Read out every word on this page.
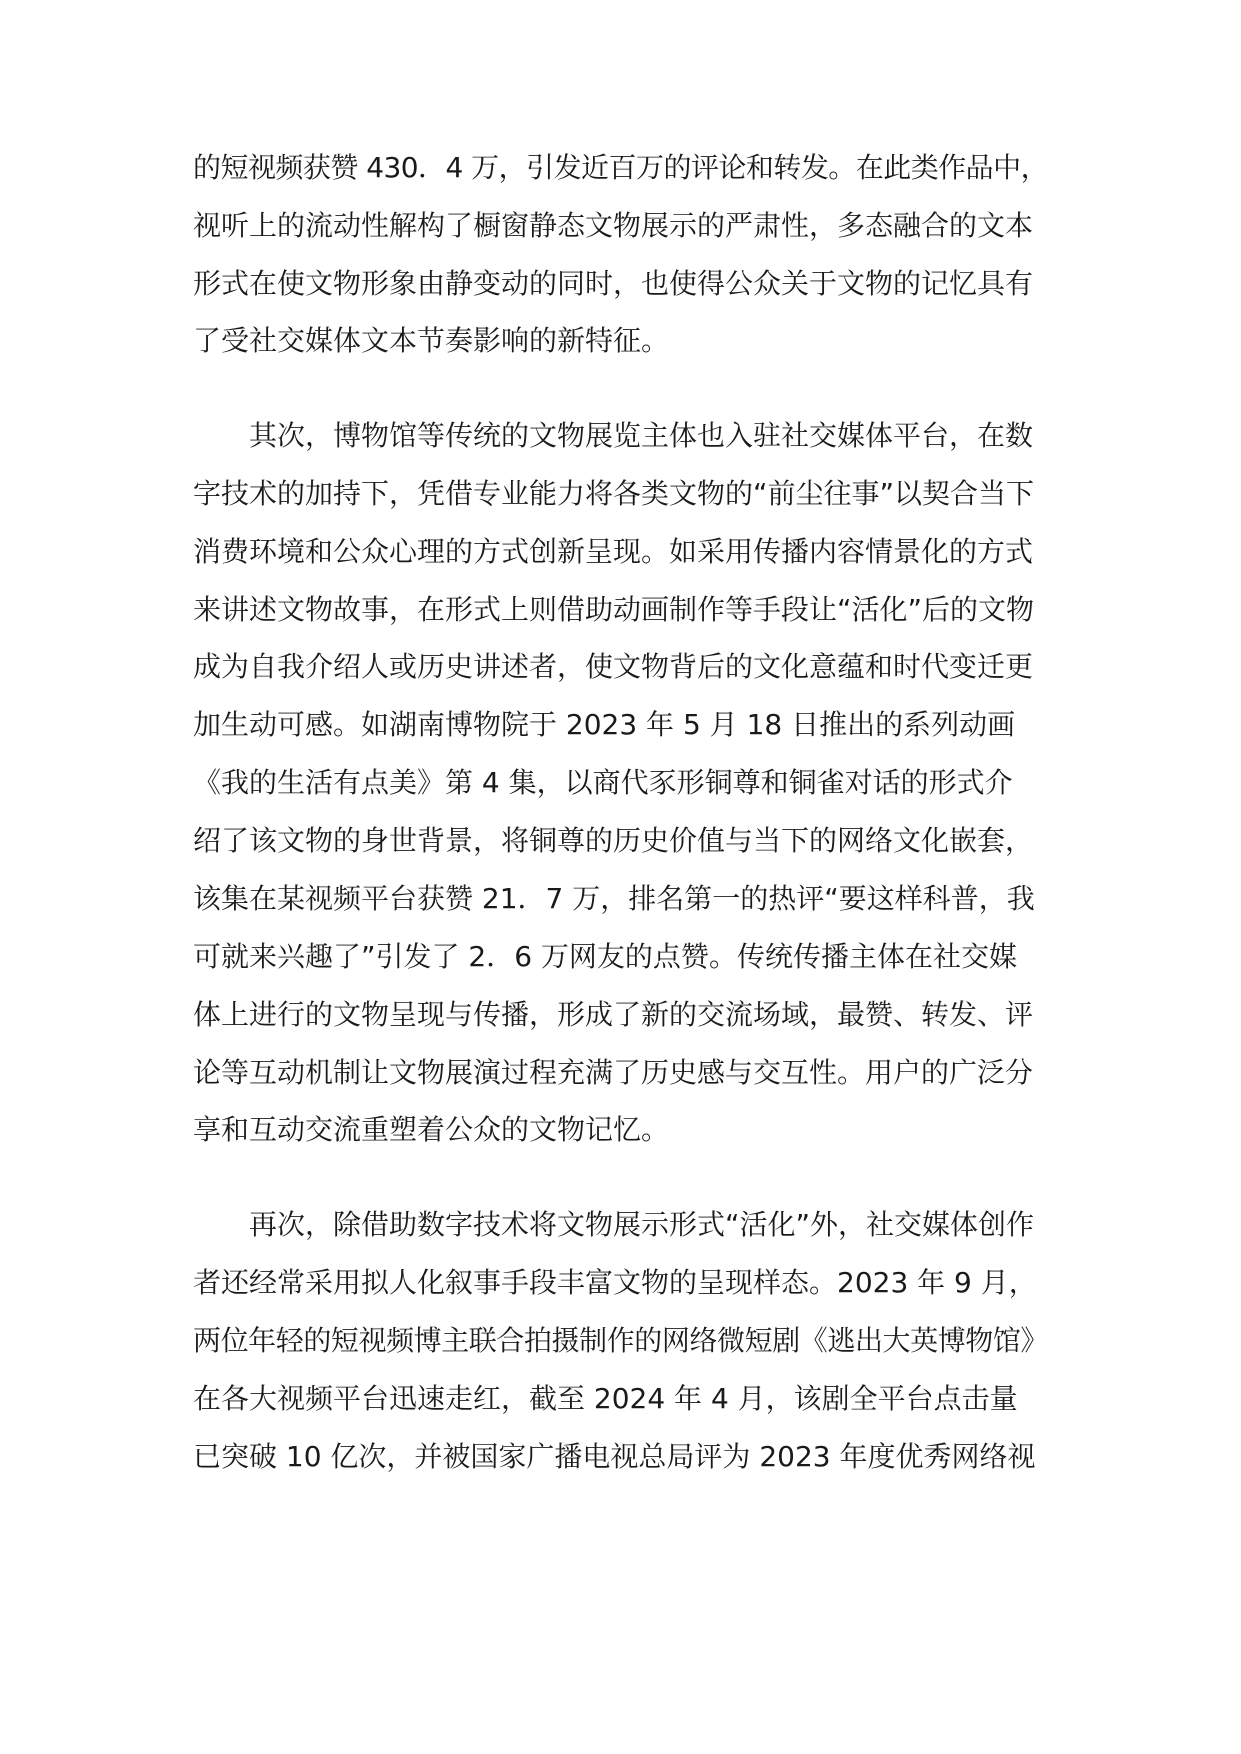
的短视频获赞 430．4 万，引发近百万的评论和转发。在此类作品中，
视听上的流动性解构了橱窗静态文物展示的严肃性，多态融合的文本
形式在使文物形象由静变动的同时，也使得公众关于文物的记忆具有
了受社交媒体文本节奏影响的新特征。
其次，博物馆等传统的文物展览主体也入驻社交媒体平台，在数
字技术的加持下，凭借专业能力将各类文物的“前尘往事”以契合当下
消费环境和公众心理的方式创新呈现。如采用传播内容情景化的方式
来讲述文物故事，在形式上则借助动画制作等手段让“活化”后的文物
成为自我介绍人或历史讲述者，使文物背后的文化意蕴和时代变迁更
加生动可感。如湖南博物院于 2023 年 5 月 18 日推出的系列动画
《我的生活有点美》第 4 集，以商代豕形铜尊和铜雀对话的形式介
绍了该文物的身世背景，将铜尊的历史价值与当下的网络文化嵌套，
该集在某视频平台获赞 21．7 万，排名第一的热评“要这样科普，我
可就来兴趣了”引发了 2．6 万网友的点赞。传统传播主体在社交媒
体上进行的文物呈现与传播，形成了新的交流场域，最赞、转发、评
论等互动机制让文物展演过程充满了历史感与交互性。用户的广泛分
享和互动交流重塑着公众的文物记忆。
再次，除借助数字技术将文物展示形式“活化”外，社交媒体创作
者还经常采用拟人化叙事手段丰富文物的呈现样态。2023 年 9 月，
两位年轻的短视频博主联合拍摄制作的网络微短剧《逃出大英博物馆》
在各大视频平台迅速走红，截至 2024 年 4 月，该剧全平台点击量
已突破 10 亿次，并被国家广播电视总局评为 2023 年度优秀网络视
